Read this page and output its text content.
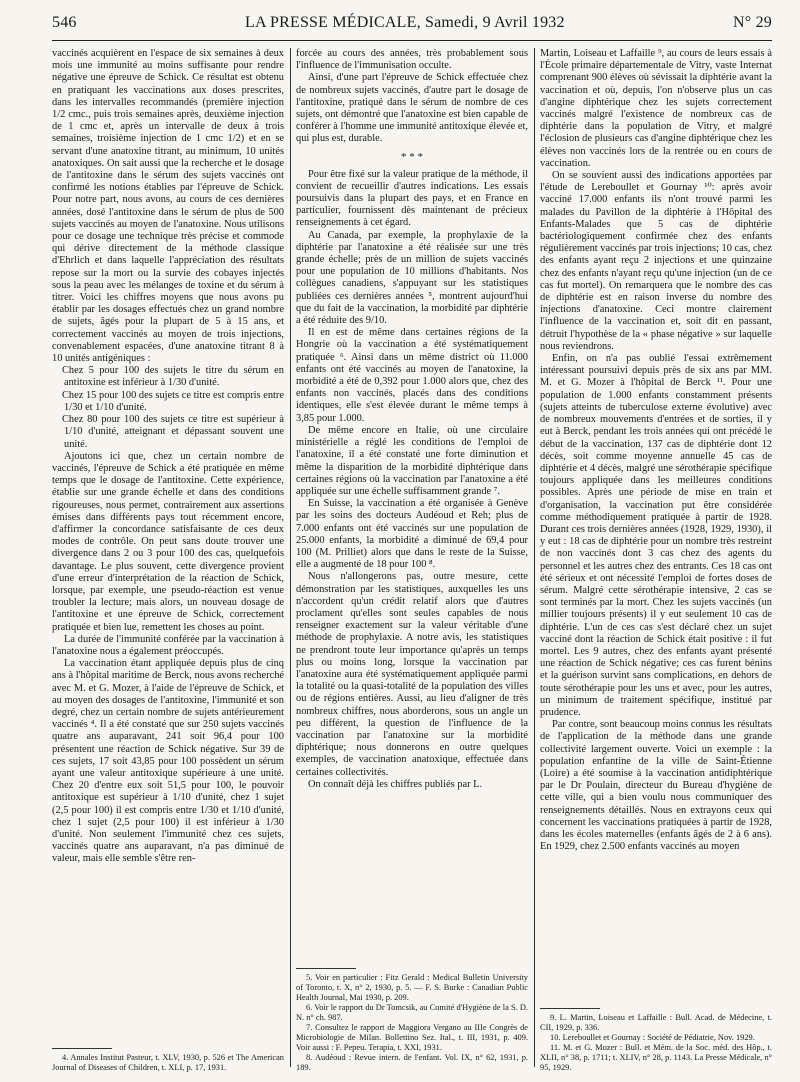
546	LA PRESSE MÉDICALE, Samedi, 9 Avril 1932	N° 29

vaccinés acquièrent en l'espace de six semaines à deux mois une immunité au moins suffisante pour rendre négative une épreuve de Schick. Ce résultat est obtenu en pratiquant les vaccinations aux doses prescrites, dans les intervalles recommandés (première injection 1/2 cmc., puis trois semaines après, deuxième injection de 1 cmc et, après un intervalle de deux à trois semaines, troisième injection de 1 cmc 1/2) et en se servant d'une anatoxine titrant, au minimum, 10 unités anatoxiques. On sait aussi que la recherche et le dosage de l'antitoxine dans le sérum des sujets vaccinés ont confirmé les notions établies par l'épreuve de Schick. Pour notre part, nous avons, au cours de ces dernières années, dosé l'antitoxine dans le sérum de plus de 500 sujets vaccinés au moyen de l'anatoxine. Nous utilisons pour ce dosage une technique très précise et commode qui dérive directement de la méthode classique d'Ehrlich et dans laquelle l'appréciation des résultats repose sur la mort ou la survie des cobayes injectés sous la peau avec les mélanges de toxine et du sérum à titrer. Voici les chiffres moyens que nous avons pu établir par les dosages effectués chez un grand nombre de sujets, âgés pour la plupart de 5 à 15 ans, et correctement vaccinés au moyen de trois injections, convenablement espacées, d'une anatoxine titrant 8 à 10 unités antigéniques :

Chez 5 pour 100 des sujets le titre du sérum en antitoxine est inférieur à 1/30 d'unité.

Chez 15 pour 100 des sujets ce titre est compris entre 1/30 et 1/10 d'unité.

Chez 80 pour 100 des sujets ce titre est supérieur à 1/10 d'unité, atteignant et dépassant souvent une unité.

Ajoutons ici que, chez un certain nombre de vaccinés, l'épreuve de Schick a été pratiquée en même temps que le dosage de l'antitoxine. Cette expérience, établie sur une grande échelle et dans des conditions rigoureuses, nous permet, contrairement aux assertions émises dans différents pays tout récemment encore, d'affirmer la concordance satisfaisante de ces deux modes de contrôle. On peut sans doute trouver une divergence dans 2 ou 3 pour 100 des cas, quelquefois davantage. Le plus souvent, cette divergence provient d'une erreur d'interprétation de la réaction de Schick, lorsque, par exemple, une pseudo-réaction est venue troubler la lecture; mais alors, un nouveau dosage de l'antitoxine et une épreuve de Schick, correctement pratiquée et bien lue, remettent les choses au point.

La durée de l'immunité conférée par la vaccination à l'anatoxine nous a également préoccupés.

La vaccination étant appliquée depuis plus de cinq ans à l'hôpital maritime de Berck, nous avons recherché avec M. et G. Mozer, à l'aide de l'épreuve de Schick, et au moyen des dosages de l'antitoxine, l'immunité et son degré, chez un certain nombre de sujets antérieurement vaccinés ⁴. Il a été constaté que sur 250 sujets vaccinés quatre ans auparavant, 241 soit 96,4 pour 100 présentent une réaction de Schick négative. Sur 39 de ces sujets, 17 soit 43,85 pour 100 possèdent un sérum ayant une valeur antitoxique supérieure à une unité. Chez 20 d'entre eux soit 51,5 pour 100, le pouvoir antitoxique est supérieur à 1/10 d'unité, chez 1 sujet (2,5 pour 100) il est compris entre 1/30 et 1/10 d'unité, chez 1 sujet (2,5 pour 100) il est inférieur à 1/30 d'unité. Non seulement l'immunité chez ces sujets, vaccinés quatre ans auparavant, n'a pas diminué de valeur, mais elle semble s'être ren-

4. Annales Institut Pasteur, t. XLV, 1930, p. 526 et The American Journal of Diseases of Children, t. XLI, p. 17, 1931.

forcée au cours des années, très probablement sous l'influence de l'immunisation occulte.

Ainsi, d'une part l'épreuve de Schick effectuée chez de nombreux sujets vaccinés, d'autre part le dosage de l'antitoxine, pratiqué dans le sérum de nombre de ces sujets, ont démontré que l'anatoxine est bien capable de conférer à l'homme une immunité antitoxique élevée et, qui plus est, durable.

* * *

Pour être fixé sur la valeur pratique de la méthode, il convient de recueillir d'autres indications. Les essais poursuivis dans la plupart des pays, et en France en particulier, fournissent dès maintenant de précieux renseignements à cet égard.

Au Canada, par exemple, la prophylaxie de la diphtérie par l'anatoxine a été réalisée sur une très grande échelle; près de un million de sujets vaccinés pour une population de 10 millions d'habitants. Nos collègues canadiens, s'appuyant sur les statistiques publiées ces dernières années ⁵, montrent aujourd'hui que du fait de la vaccination, la morbidité par diphtérie a été réduite des 9/10.

Il en est de même dans certaines régions de la Hongrie où la vaccination a été systématiquement pratiquée ⁶. Ainsi dans un même district où 11.000 enfants ont été vaccinés au moyen de l'anatoxine, la morbidité a été de 0,392 pour 1.000 alors que, chez des enfants non vaccinés, placés dans des conditions identiques, elle s'est élevée durant le même temps à 3,85 pour 1.000.

De même encore en Italie, où une circulaire ministérielle a réglé les conditions de l'emploi de l'anatoxine, il a été constaté une forte diminution et même la disparition de la morbidité diphtérique dans certaines régions où la vaccination par l'anatoxine a été appliquée sur une échelle suffisamment grande ⁷.

En Suisse, la vaccination a été organisée à Genève par les soins des docteurs Audéoud et Reh; plus de 7.000 enfants ont été vaccinés sur une population de 25.000 enfants, la morbidité a diminué de 69,4 pour 100 (M. Prilliet) alors que dans le reste de la Suisse, elle a augmenté de 18 pour 100 ⁸.

Nous n'allongerons pas, outre mesure, cette démonstration par les statistiques, auxquelles les uns n'accordent qu'un crédit relatif alors que d'autres proclament qu'elles sont seules capables de nous renseigner exactement sur la valeur véritable d'une méthode de prophylaxie. A notre avis, les statistiques ne prendront toute leur importance qu'après un temps plus ou moins long, lorsque la vaccination par l'anatoxine aura été systématiquement appliquée parmi la totalité ou la quasi-totalité de la population des villes ou de régions entières. Aussi, au lieu d'aligner de très nombreux chiffres, nous aborderons, sous un angle un peu différent, la question de l'influence de la vaccination par l'anatoxine sur la morbidité diphtérique; nous donnerons en outre quelques exemples, de vaccination anatoxique, effectuée dans certaines collectivités.

On connaît déjà les chiffres publiés par L.

5. Voir en particulier : Fitz Gerald : Medical Bulletin University of Toronto, t. X, n° 2, 1930, p. 5. — F. S. Burke : Canadian Public Health Journal, Mai 1930, p. 209.

6. Voir le rapport du Dr Tomcsik, au Comité d'Hygiène de la S. D. N. n° ch. 987.

7. Consultez le rapport de Maggiora Vergano au IIIe Congrès de Microbiologie de Milan. Bollettino Sez. Ital., t. III, 1931, p. 409. Voir aussi : F. Pepeu. Terapia, t. XXI, 1931.

8. Audéoud : Revue intern. de l'enfant. Vol. IX, n° 62, 1931, p. 189.

Martin, Loiseau et Laffaille ⁹, au cours de leurs essais à l'École primaire départementale de Vitry, vaste Internat comprenant 900 élèves où sévissait la diphtérie avant la vaccination et où, depuis, l'on n'observe plus un cas d'angine diphtérique chez les sujets correctement vaccinés malgré l'existence de nombreux cas de diphtérie dans la population de Vitry, et malgré l'éclosion de plusieurs cas d'angine diphtérique chez les élèves non vaccinés lors de la rentrée ou en cours de vaccination.

On se souvient aussi des indications apportées par l'étude de Lereboullet et Gournay ¹⁰: après avoir vacciné 17.000 enfants ils n'ont trouvé parmi les malades du Pavillon de la diphtérie à l'Hôpital des Enfants-Malades que 5 cas de diphtérie bactériologiquement confirmée chez des enfants régulièrement vaccinés par trois injections; 10 cas, chez des enfants ayant reçu 2 injections et une quinzaine chez des enfants n'ayant reçu qu'une injection (un de ce cas fut mortel). On remarquera que le nombre des cas de diphtérie est en raison inverse du nombre des injections d'anatoxine. Ceci montre clairement l'influence de la vaccination et, soit dit en passant, détruit l'hypothèse de la « phase négative » sur laquelle nous reviendrons.

Enfin, on n'a pas oublié l'essai extrêmement intéressant poursuivi depuis près de six ans par MM. M. et G. Mozer à l'hôpital de Berck ¹¹. Pour une population de 1.000 enfants constamment présents (sujets atteints de tuberculose externe évolutive) avec de nombreux mouvements d'entrées et de sorties, il y eut à Berck, pendant les trois années qui ont précédé le début de la vaccination, 137 cas de diphtérie dont 12 décès, soit comme moyenne annuelle 45 cas de diphtérie et 4 décès, malgré une sérothérapie spécifique toujours appliquée dans les meilleures conditions possibles. Après une période de mise en train et d'organisation, la vaccination put être considérée comme méthodiquement pratiquée à partir de 1928. Durant ces trois dernières années (1928, 1929, 1930), il y eut : 18 cas de diphtérie pour un nombre très restreint de non vaccinés dont 3 cas chez des agents du personnel et les autres chez des entrants. Ces 18 cas ont été sérieux et ont nécessité l'emploi de fortes doses de sérum. Malgré cette sérothérapie intensive, 2 cas se sont terminés par la mort. Chez les sujets vaccinés (un millier toujours présents) il y eut seulement 10 cas de diphtérie. L'un de ces cas s'est déclaré chez un sujet vacciné dont la réaction de Schick était positive : il fut mortel. Les 9 autres, chez des enfants ayant présenté une réaction de Schick négative; ces cas furent bénins et la guérison survint sans complications, en dehors de toute sérothérapie pour les uns et avec, pour les autres, un minimum de traitement spécifique, institué par prudence.

Par contre, sont beaucoup moins connus les résultats de l'application de la méthode dans une grande collectivité largement ouverte. Voici un exemple : la population enfantine de la ville de Saint-Étienne (Loire) a été soumise à la vaccination antidiphtérique par le Dr Poulain, directeur du Bureau d'hygiène de cette ville, qui a bien voulu nous communiquer des renseignements détaillés. Nous en extrayons ceux qui concernent les vaccinations pratiquées à partir de 1928, dans les écoles maternelles (enfants âgés de 2 à 6 ans). En 1929, chez 2.500 enfants vaccinés au moyen

9. L. Martin, Loiseau et Laffaille : Bull. Acad. de Médecine, t. CII, 1929, p. 336.

10. Lereboullet et Gournay : Société de Pédiatrie, Nov. 1929.

11. M. et G. Mozer : Bull. et Mém. de la Soc. méd. des Hôp., t. XLII, n° 38, p. 1711; t. XLIV, n° 28, p. 1143. La Presse Médicale, n° 95, 1929.
